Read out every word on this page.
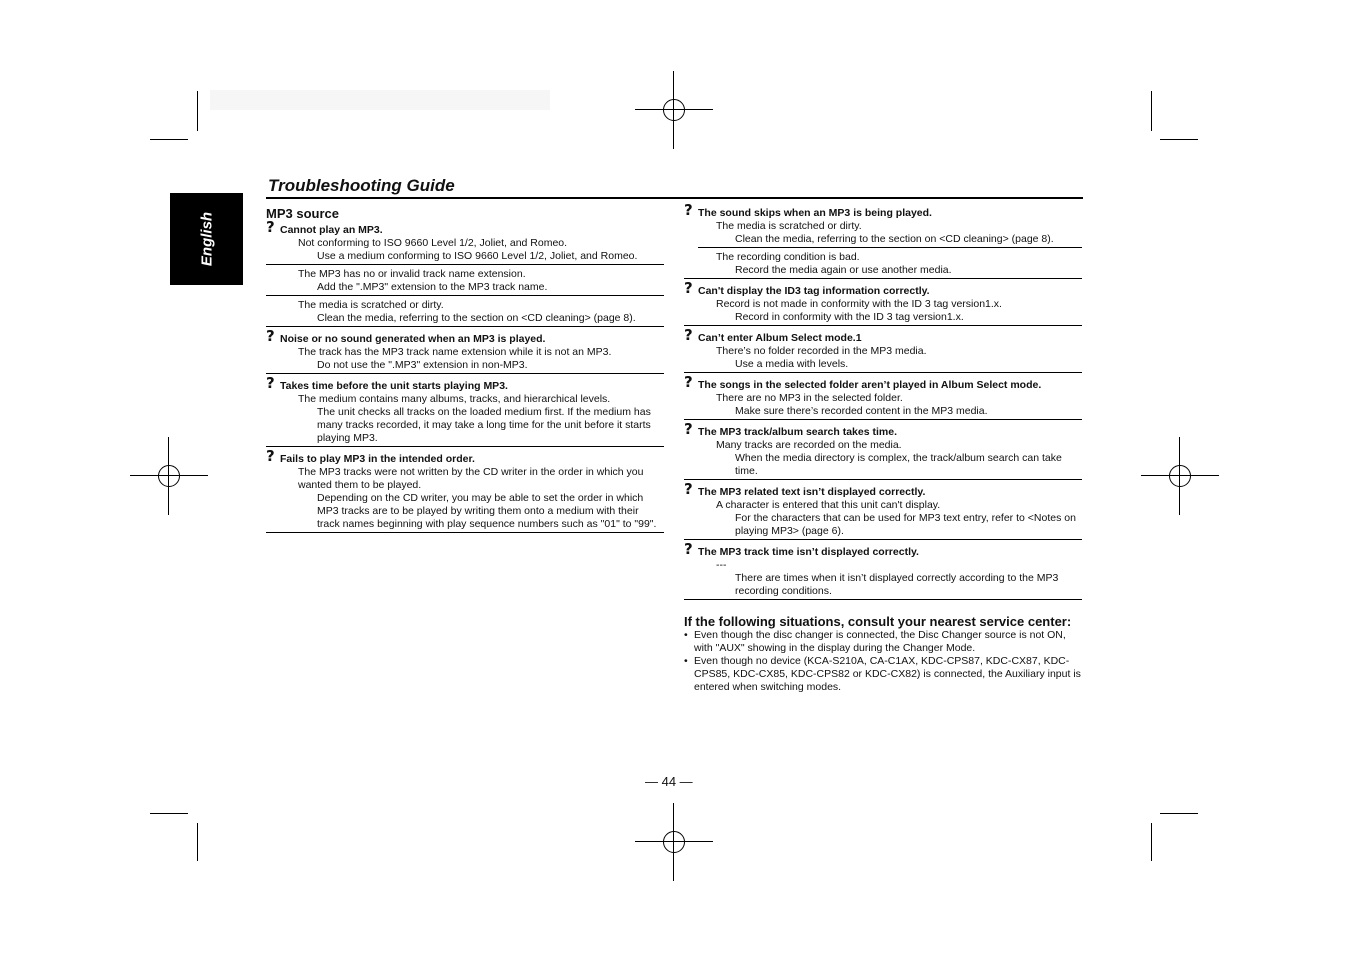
English
Troubleshooting Guide
MP3 source
? Cannot play an MP3.
Not conforming to ISO 9660 Level 1/2, Joliet, and Romeo.
Use a medium conforming to ISO 9660 Level 1/2, Joliet, and Romeo.
The MP3 has no or invalid track name extension.
Add the ".MP3" extension to the MP3 track name.
The media is scratched or dirty.
Clean the media, referring to the section on <CD cleaning> (page 8).
? Noise or no sound generated when an MP3 is played.
The track has the MP3 track name extension while it is not an MP3.
Do not use the ".MP3" extension in non-MP3.
? Takes time before the unit starts playing MP3.
The medium contains many albums, tracks, and hierarchical levels.
The unit checks all tracks on the loaded medium first. If the medium has many tracks recorded, it may take a long time for the unit before it starts playing MP3.
? Fails to play MP3 in the intended order.
The MP3 tracks were not written by the CD writer in the order in which you wanted them to be played.
Depending on the CD writer, you may be able to set the order in which MP3 tracks are to be played by writing them onto a medium with their track names beginning with play sequence numbers such as "01" to "99".
? The sound skips when an MP3 is being played.
The media is scratched or dirty.
Clean the media, referring to the section on <CD cleaning> (page 8).
The recording condition is bad.
Record the media again or use another media.
? Can't display the ID3 tag information correctly.
Record is not made in conformity with the ID 3 tag version1.x.
Record in conformity with the ID 3 tag version1.x.
? Can’t enter Album Select mode.1
There’s no folder recorded in the MP3 media.
Use a media with levels.
? The songs in the selected folder aren’t played in Album Select mode.
There are no MP3 in the selected folder.
Make sure there’s recorded content in the MP3 media.
? The MP3 track/album search takes time.
Many tracks are recorded on the media.
When the media directory is complex, the track/album search can take time.
? The MP3 related text isn’t displayed correctly.
A character is entered that this unit can't display.
For the characters that can be used for MP3 text entry, refer to <Notes on playing MP3> (page 6).
? The MP3 track time isn’t displayed correctly.
---
There are times when it isn’t displayed correctly according to the MP3 recording conditions.
If the following situations, consult your nearest service center:
• Even though the disc changer is connected, the Disc Changer source is not ON, with "AUX" showing in the display during the Changer Mode.
• Even though no device (KCA-S210A, CA-C1AX, KDC-CPS87, KDC-CX87, KDC-CPS85, KDC-CX85, KDC-CPS82 or KDC-CX82) is connected, the Auxiliary input is entered when switching modes.
— 44 —
